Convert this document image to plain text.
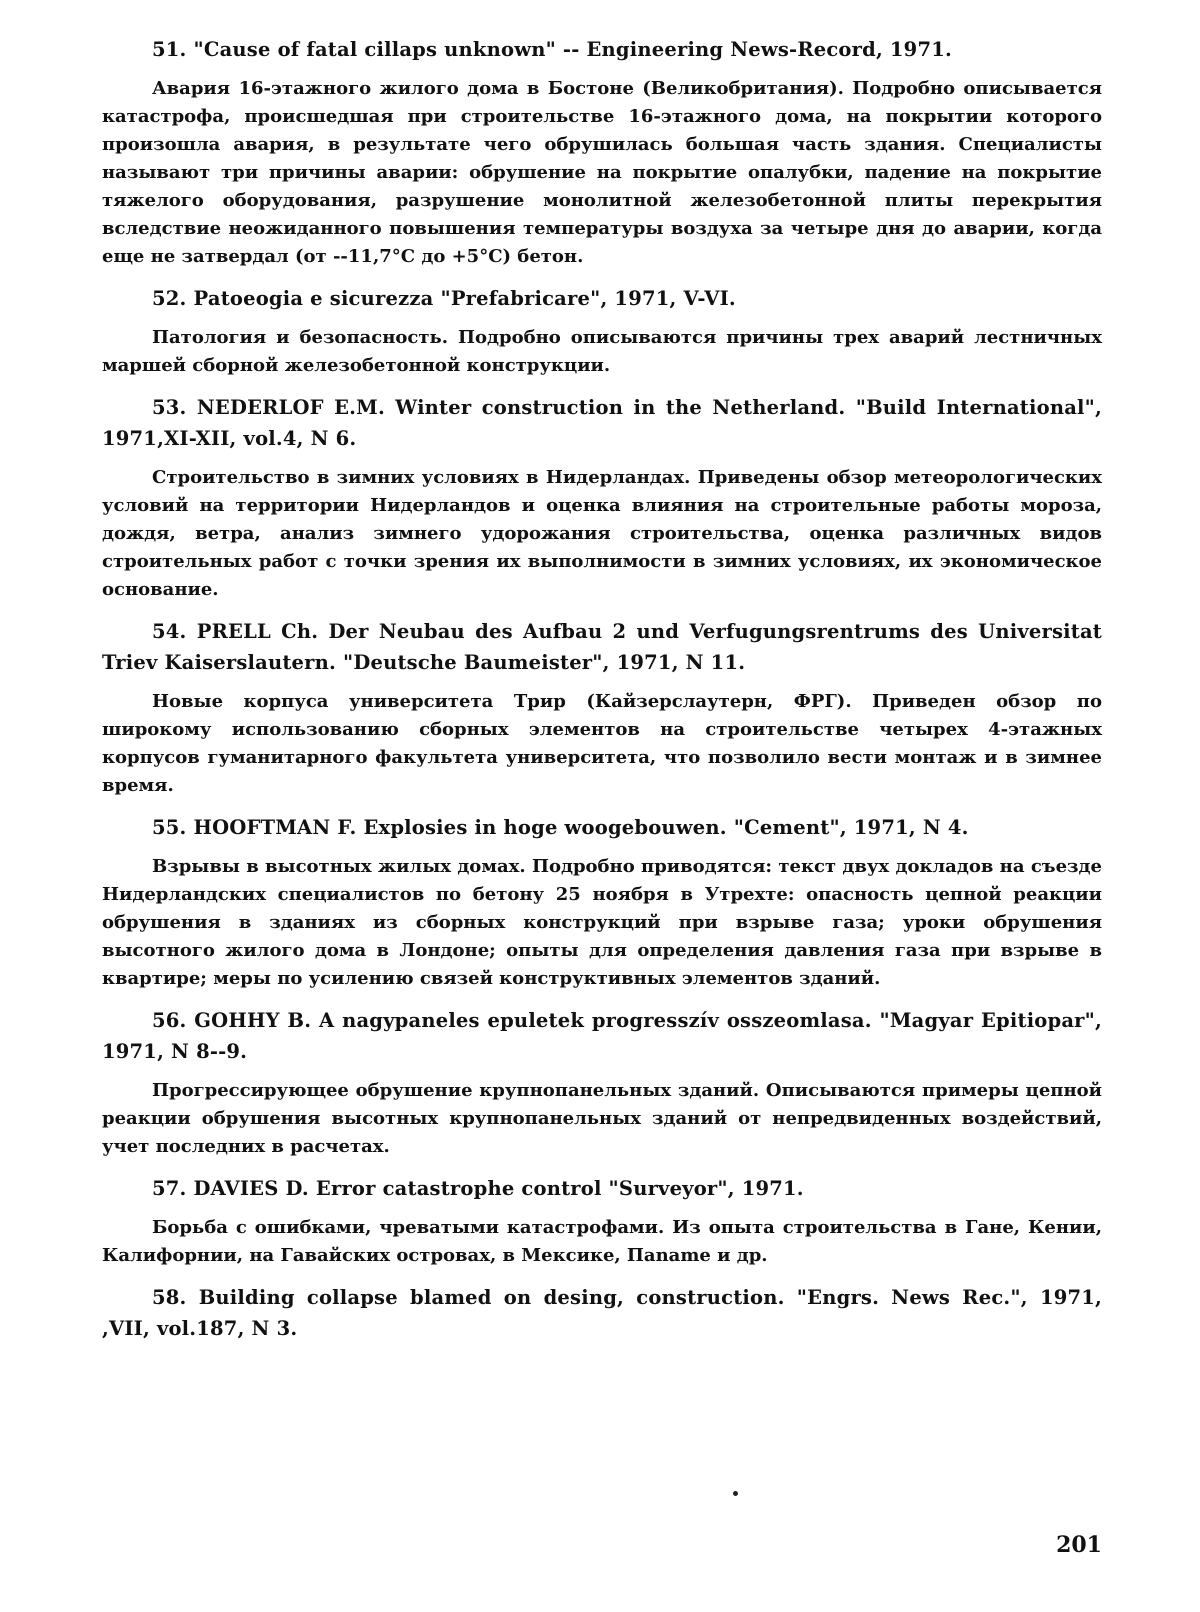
51. "Cause of fatal cillaps unknown" -- Engineering News-Record, 1971.

Авария 16-этажного жилого дома в Бостоне (Великобритания). Подробно описывается катастрофа, происшедшая при строительстве 16-этажного дома, на покрытии которого произошла авария, в результате чего обрушилась большая часть здания. Специалисты называют три причины аварии: обрушение на покрытие опалубки, падение на покрытие тяжелого оборудования, разрушение монолитной железобетонной плиты перекрытия вследствие неожиданного повышения температуры воздуха за четыре дня до аварии, когда еще не затвердал (от --11,7°С до +5°С) бетон.

52. Patoeogia e sicurezza "Prefabricare", 1971, V-VI.

Патология и безопасность. Подробно описываются причины трех аварий лестничных маршей сборной железобетонной конструкции.

53. NEDERLOF E.M. Winter construction in the Netherland. "Build International", 1971,XI-XII, vol.4, N 6.

Строительство в зимних условиях в Нидерландах. Приведены обзор метеорологических условий на территории Нидерландов и оценка влияния на строительные работы мороза, дождя, ветра, анализ зимнего удорожания строительства, оценка различных видов строительных работ с точки зрения их выполнимости в зимних условиях, их экономическое основание.

54. PRELL Ch. Der Neubau des Aufbau 2 und Verfugungsrentrums des Universitat Triev Kaiserslautern. "Deutsche Baumeister", 1971, N 11.

Новые корпуса университета Трир (Кайзерслаутерн, ФРГ). Приведен обзор по широкому использованию сборных элементов на строительстве четырех 4-этажных корпусов гуманитарного факультета университета, что позволило вести монтаж и в зимнее время.

55. HOOFTMAN F. Explosies in hoge woogebouwen. "Cement", 1971, N 4.

Взрывы в высотных жилых домах. Подробно приводятся: текст двух докладов на съезде Нидерландских специалистов по бетону 25 ноября в Утрехте: опасность цепной реакции обрушения в зданиях из сборных конструкций при взрыве газа; уроки обрушения высотного жилого дома в Лондоне; опыты для определения давления газа при взрыве в квартире; меры по усилению связей конструктивных элементов зданий.

56. GOHHY B. A nagypaneles epuletek progresszív osszeomlasa. "Magyar Epitiopar", 1971, N 8--9.

Прогрессирующее обрушение крупнопанельных зданий. Описываются примеры цепной реакции обрушения высотных крупнопанельных зданий от непредвиденных воздействий, учет последних в расчетах.

57. DAVIES D. Error catastrophe control "Surveyor", 1971.

Борьба с ошибками, чреватыми катастрофами. Из опыта строительства в Гане, Кении, Калифорнии, на Гавайских островах, в Мексике, Паname и др.

58. Building collapse blamed on desing, construction. "Engrs. News Rec.", 1971, ,VII, vol.187, N 3.

201
